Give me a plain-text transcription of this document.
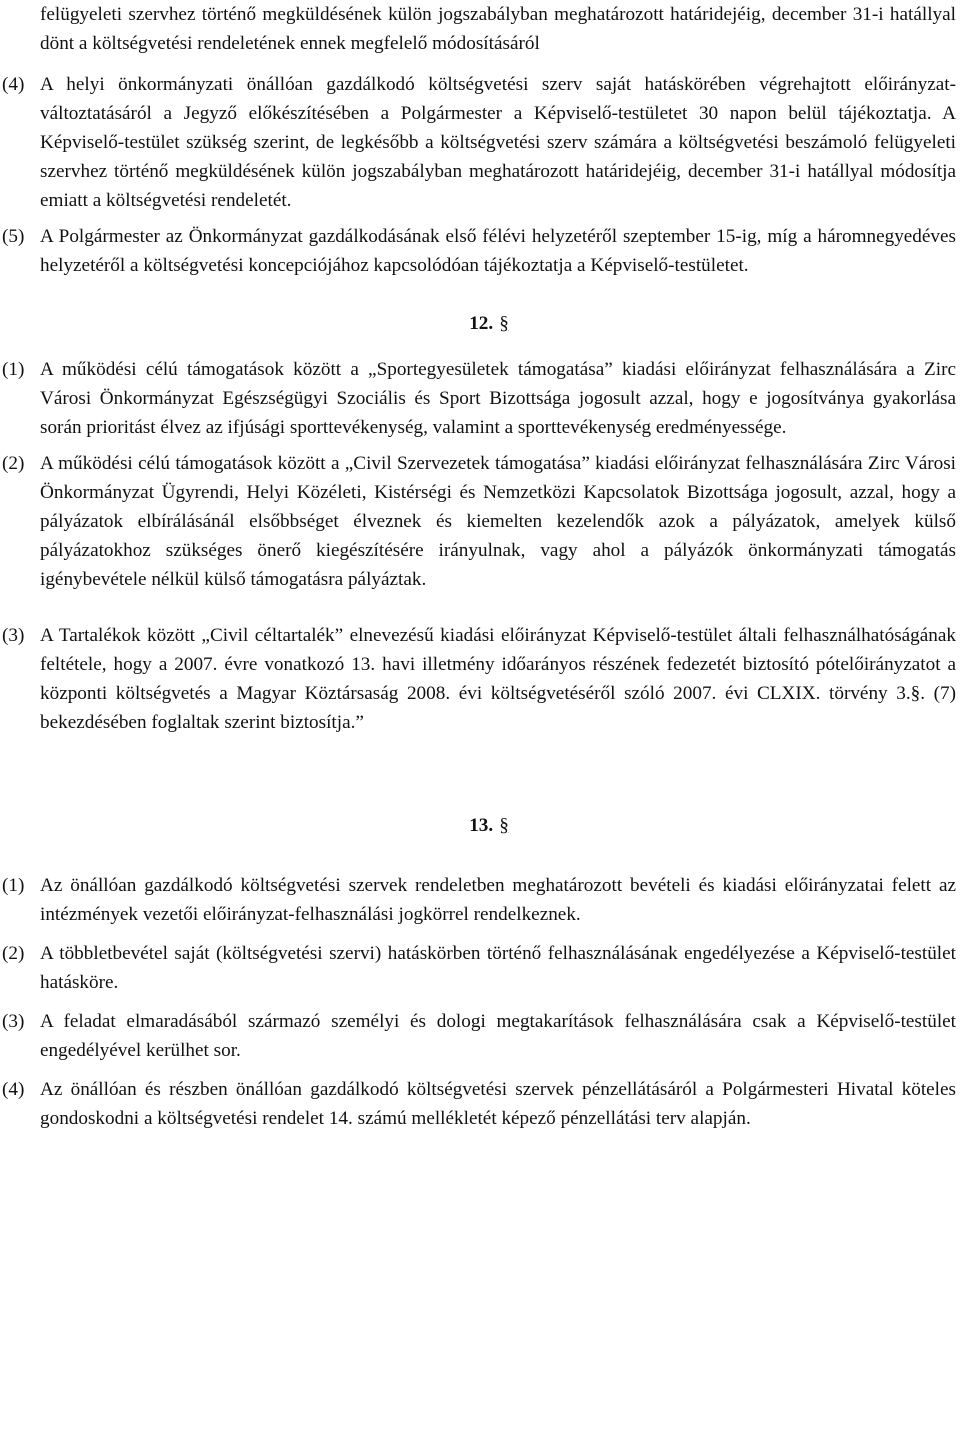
felügyeleti szervhez történő megküldésének külön jogszabályban meghatározott határidejéig, december 31-i hatállyal dönt a költségvetési rendeletének ennek megfelelő módosításáról

(4) A helyi önkormányzati önállóan gazdálkodó költségvetési szerv saját hatáskörében végrehajtott előirányzat-változtatásáról a Jegyző előkészítésében a Polgármester a Képviselő-testületet 30 napon belül tájékoztatja. A Képviselő-testület szükség szerint, de legkésőbb a költségvetési szerv számára a költségvetési beszámoló felügyeleti szervhez történő megküldésének külön jogszabályban meghatározott határidejéig, december 31-i hatállyal módosítja emiatt a költségvetési rendeletét.

(5) A Polgármester az Önkormányzat gazdálkodásának első félévi helyzetéről szeptember 15-ig, míg a háromnegyedéves helyzetéről a költségvetési koncepciójához kapcsolódóan tájékoztatja a Képviselő-testületet.

12. §

(1) A működési célú támogatások között a „Sportegyesületek támogatása” kiadási előirányzat felhasználására a Zirc Városi Önkormányzat Egészségügyi Szociális és Sport Bizottsága jogosult azzal, hogy e jogosítványa gyakorlása során prioritást élvez az ifjúsági sporttevékenység, valamint a sporttevékenység eredményessége.

(2) A működési célú támogatások között a „Civil Szervezetek támogatása” kiadási előirányzat felhasználására Zirc Városi Önkormányzat Ügyrendi, Helyi Közéleti, Kistérségi és Nemzetközi Kapcsolatok Bizottsága jogosult, azzal, hogy a pályázatok elbírálásánál elsőbbséget élveznek és kiemelten kezelendők azok a pályázatok, amelyek külső pályázatokhoz szükséges önerő kiegészítésére irányulnak, vagy ahol a pályázók önkormányzati támogatás igénybevétele nélkül külső támogatásra pályáztak.

(3) A Tartalékok között „Civil céltartalék” elnevezésű kiadási előirányzat Képviselő-testület általi felhasználhatóságának feltétele, hogy a 2007. évre vonatkozó 13. havi illetmény időarányos részének fedezetét biztosító pótelőirányzatot a központi költségvetés a Magyar Köztársaság 2008. évi költségvetéséről szóló 2007. évi CLXIX. törvény 3.§. (7) bekezdésében foglaltak szerint biztosítja.”

13. §

(1) Az önállóan gazdálkodó költségvetési szervek rendeletben meghatározott bevételi és kiadási előirányzatai felett az intézmények vezetői előirányzat-felhasználási jogkörrel rendelkeznek.

(2) A többletbevétel saját (költségvetési szervi) hatáskörben történő felhasználásának engedélyezése a Képviselő-testület hatásköre.

(3) A feladat elmaradásából származó személyi és dologi megtakarítások felhasználására csak a Képviselő-testület engedélyével kerülhet sor.

(4) Az önállóan és részben önállóan gazdálkodó költségvetési szervek pénzellátásáról a Polgármesteri Hivatal köteles gondoskodni a költségvetési rendelet 14. számú mellékletét képező pénzellátási terv alapján.
